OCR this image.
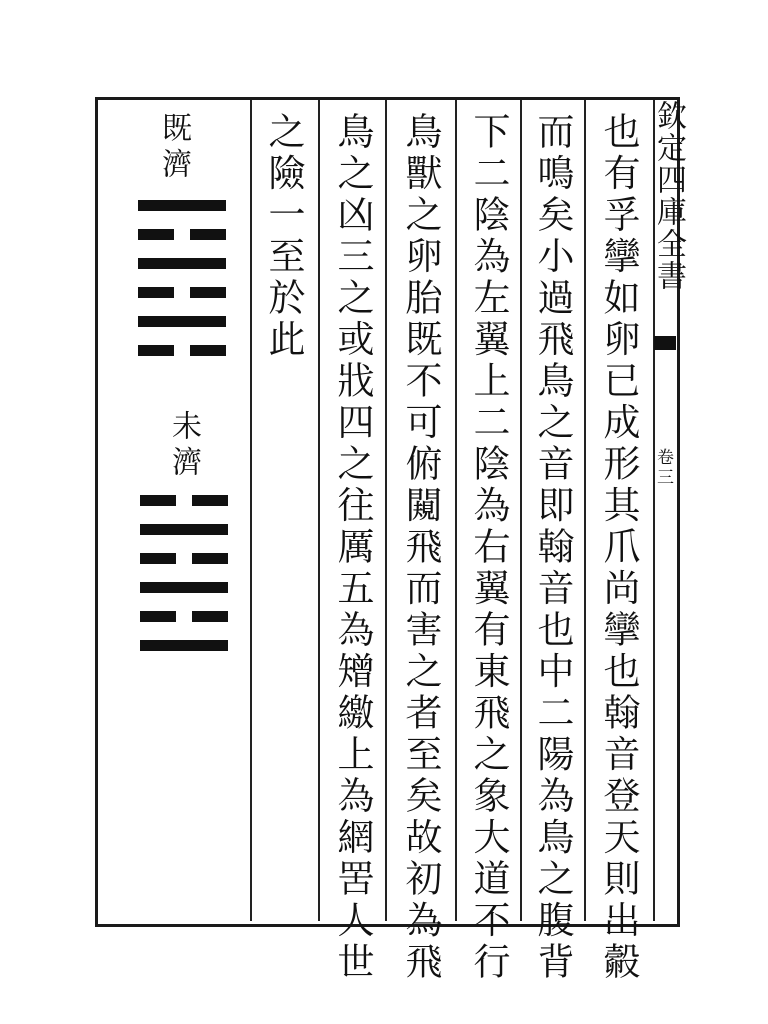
欽定四庫全書
卷三
也有孚攣如卵已成形其爪尚攣也翰音登天則出㲉
而鳴矣小過飛鳥之音即翰音也中二陽為鳥之腹背
下二陰為左翼上二陰為右翼有東飛之象大道不行
鳥獸之卵胎既不可俯闚飛而害之者至矣故初為飛
鳥之凶三之或戕四之往厲五為矰繳上為網罟人世
之險一至於此
既濟
未濟
